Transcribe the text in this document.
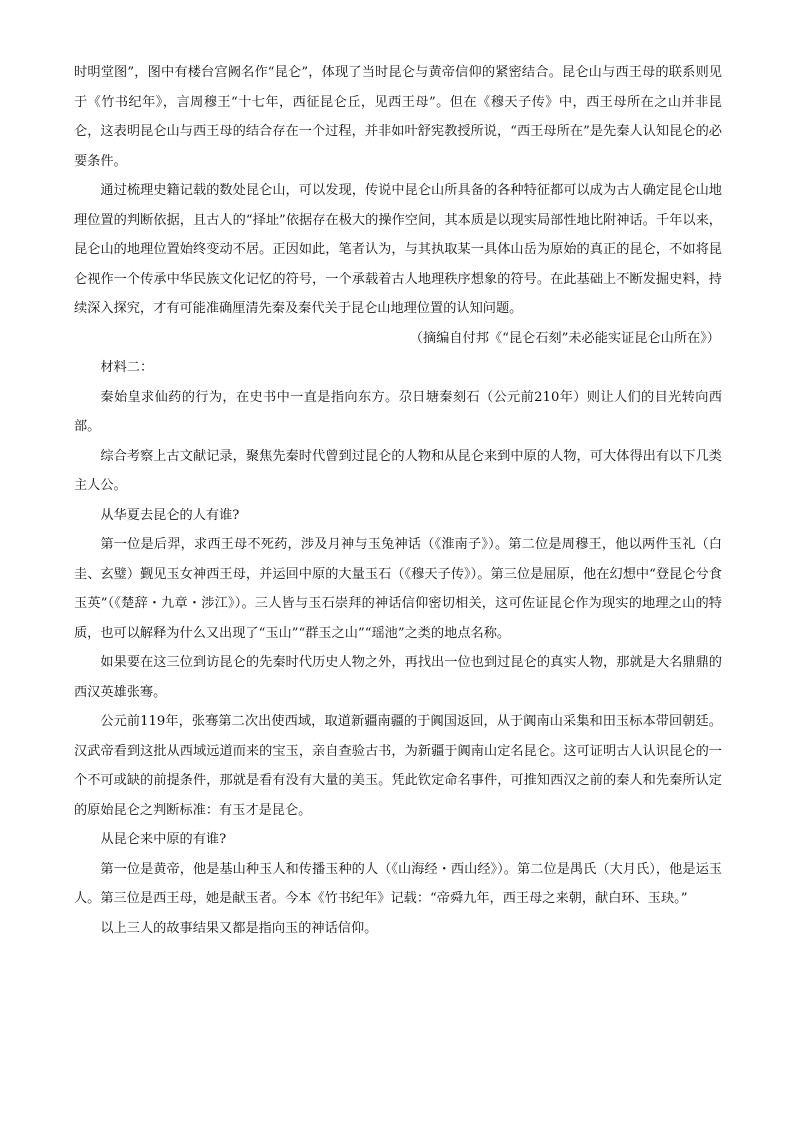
时明堂图”，图中有楼台宫阙名作“昆仑”，体现了当时昆仑与黄帝信仰的紧密结合。昆仑山与西王母的联系则见于《竹书纪年》，言周穆王“十七年，西征昆仑丘，见西王母”。但在《穆天子传》中，西王母所在之山并非昆仑，这表明昆仑山与西王母的结合存在一个过程，并非如叶舒宪教授所说，“西王母所在”是先秦人认知昆仑的必要条件。

通过梳理史籍记载的数处昆仑山，可以发现，传说中昆仑山所具备的各种特征都可以成为古人确定昆仑山地理位置的判断依据，且古人的“择址”依据存在极大的操作空间，其本质是以现实局部性地比附神话。千年以来，昆仑山的地理位置始终变动不居。正因如此，笔者认为，与其执取某一具体山岳为原始的真正的昆仑，不如将昆仑视作一个传承中华民族文化记忆的符号，一个承载着古人地理秩序想象的符号。在此基础上不断发掘史料，持续深入探究，才有可能准确厘清先秦及秦代关于昆仑山地理位置的认知问题。

（摘编自付邦《“昆仑石刻”未必能实证昆仑山所在》）

材料二：

秦始皇求仙药的行为，在史书中一直是指向东方。尕日塘秦刻石（公元前210年）则让人们的目光转向西部。

综合考察上古文献记录，聚焦先秦时代曾到过昆仑的人物和从昆仑来到中原的人物，可大体得出有以下几类主人公。

从华夏去昆仑的人有谁?

第一位是后羿，求西王母不死药，涉及月神与玉兔神话（《淮南子》）。第二位是周穆王，他以两件玉礼（白圭、玄璧）觐见玉女神西王母，并运回中原的大量玉石（《穆天子传》）。第三位是屈原，他在幻想中“登昆仑兮食玉英”（《楚辞・九章・涉江》）。三人皆与玉石崇拜的神话信仰密切相关，这可佐证昆仑作为现实的地理之山的特质，也可以解释为什么又出现了“玉山”“群玉之山”“瑶池”之类的地点名称。

如果要在这三位到访昆仑的先秦时代历史人物之外，再找出一位也到过昆仑的真实人物，那就是大名鼎鼎的西汉英雄张骞。

公元前119年，张骞第二次出使西域，取道新疆南疆的于阗国返回，从于阗南山采集和田玉标本带回朝廷。汉武帝看到这批从西域远道而来的宝玉，亲自查验古书，为新疆于阗南山定名昆仑。这可证明古人认识昆仑的一个不可或缺的前提条件，那就是看有没有大量的美玉。凭此钦定命名事件，可推知西汉之前的秦人和先秦所认定的原始昆仑之判断标准：有玉才是昆仑。

从昆仑来中原的有谁?

第一位是黄帝，他是基山种玉人和传播玉种的人（《山海经・西山经》）。第二位是禺氏（大月氏），他是运玉人。第三位是西王母，她是献玉者。今本《竹书纪年》记载：“帝舜九年，西王母之来朝，献白环、玉玦。”

以上三人的故事结果又都是指向玉的神话信仰。
